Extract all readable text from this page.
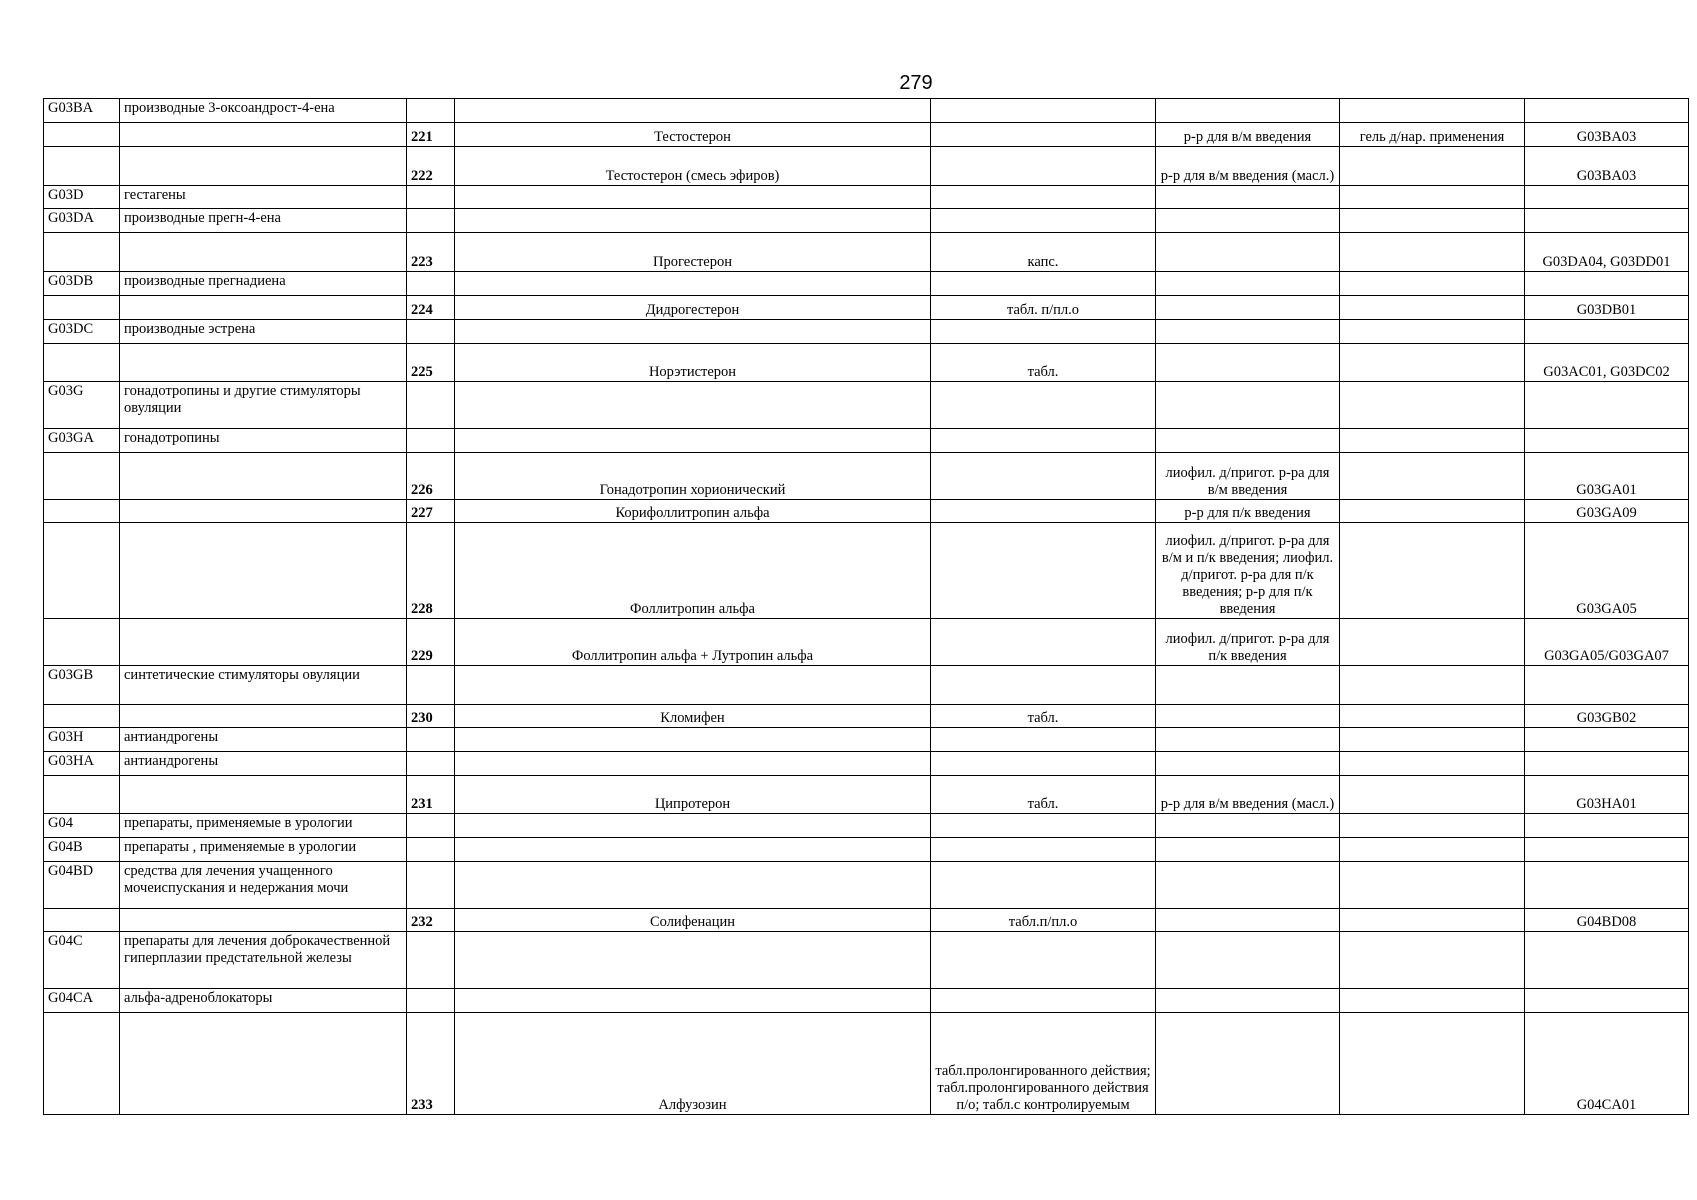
279
G03BA	производные 3-оксоандрост-4-ена						
		221	Тестостерон		р-р для в/м введения	гель д/нар. применения	G03BA03
		222	Тестостерон (смесь эфиров)		р-р для в/м введения (масл.)		G03BA03
G03D	гестагены						
G03DA	производные прегн-4-ена						
		223	Прогестерон	капс.			G03DA04, G03DD01
G03DB	производные прегнадиена						
		224	Дидрогестерон	табл. п/пл.о			G03DB01
G03DC	производные эстрена						
		225	Норэтистерон	табл.			G03AC01, G03DC02
G03G	гонадотропины и другие стимуляторы овуляции						
G03GA	гонадотропины						
		226	Гонадотропин хорионический		лиофил. д/пригот. р-ра для в/м введения		G03GA01
		227	Корифоллитропин альфа		р-р для п/к введения		G03GA09
		228	Фоллитропин альфа		лиофил. д/пригот. р-ра для в/м и п/к введения; лиофил. д/пригот. р-ра для п/к введения; р-р для п/к введения		G03GA05
		229	Фоллитропин альфа + Лутропин альфа		лиофил. д/пригот. р-ра для п/к введения		G03GA05/G03GA07
G03GB	синтетические стимуляторы овуляции						
		230	Кломифен	табл.			G03GB02
G03H	антиандрогены						
G03HA	антиандрогены						
		231	Ципротерон	табл.	р-р для в/м введения (масл.)		G03HA01
G04	препараты, применяемые в урологии						
G04B	препараты , применяемые в урологии						
G04BD	средства для лечения учащенного мочеиспускания и недержания мочи						
		232	Солифенацин	табл.п/пл.о			G04BD08
G04C	препараты для лечения доброкачественной гиперплазии предстательной железы						
G04CA	альфа-адреноблокаторы						
		233	Алфузозин	табл.пролонгированного действия; табл.пролонгированного действия п/о; табл.с контролируемым			G04CA01
